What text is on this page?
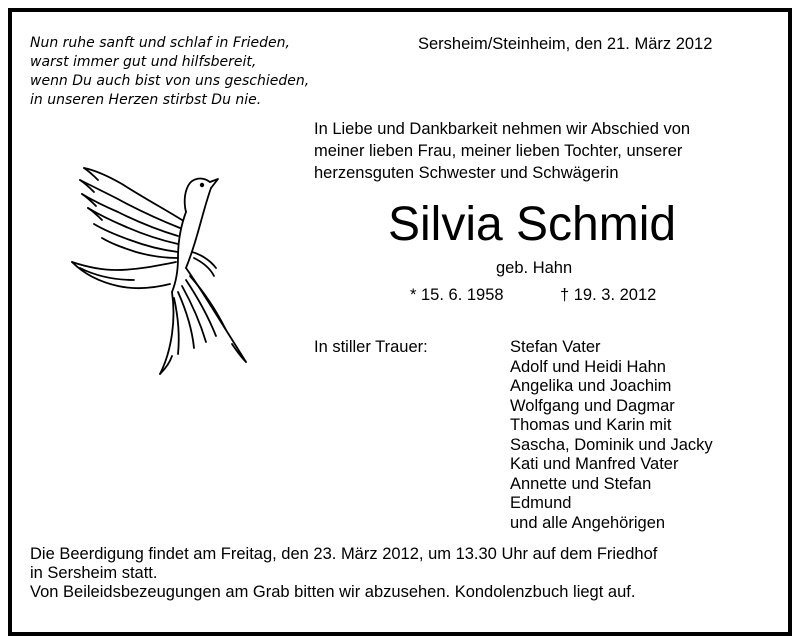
Nun ruhe sanft und schlaf in Frieden,
warst immer gut und hilfsbereit,
wenn Du auch bist von uns geschieden,
in unseren Herzen stirbst Du nie.
Sersheim/Steinheim, den 21. März 2012
In Liebe und Dankbarkeit nehmen wir Abschied von
meiner lieben Frau, meiner lieben Tochter, unserer
herzensguten Schwester und Schwägerin
Silvia Schmid
geb. Hahn
* 15. 6. 1958	† 19. 3. 2012
In stiller Trauer:	Stefan Vater
Adolf und Heidi Hahn
Angelika und Joachim
Wolfgang und Dagmar
Thomas und Karin mit
Sascha, Dominik und Jacky
Kati und Manfred Vater
Annette und Stefan
Edmund
und alle Angehörigen
Die Beerdigung findet am Freitag, den 23. März 2012, um 13.30 Uhr auf dem Friedhof
in Sersheim statt.
Von Beileidsbezeugungen am Grab bitten wir abzusehen. Kondolenzbuch liegt auf.
